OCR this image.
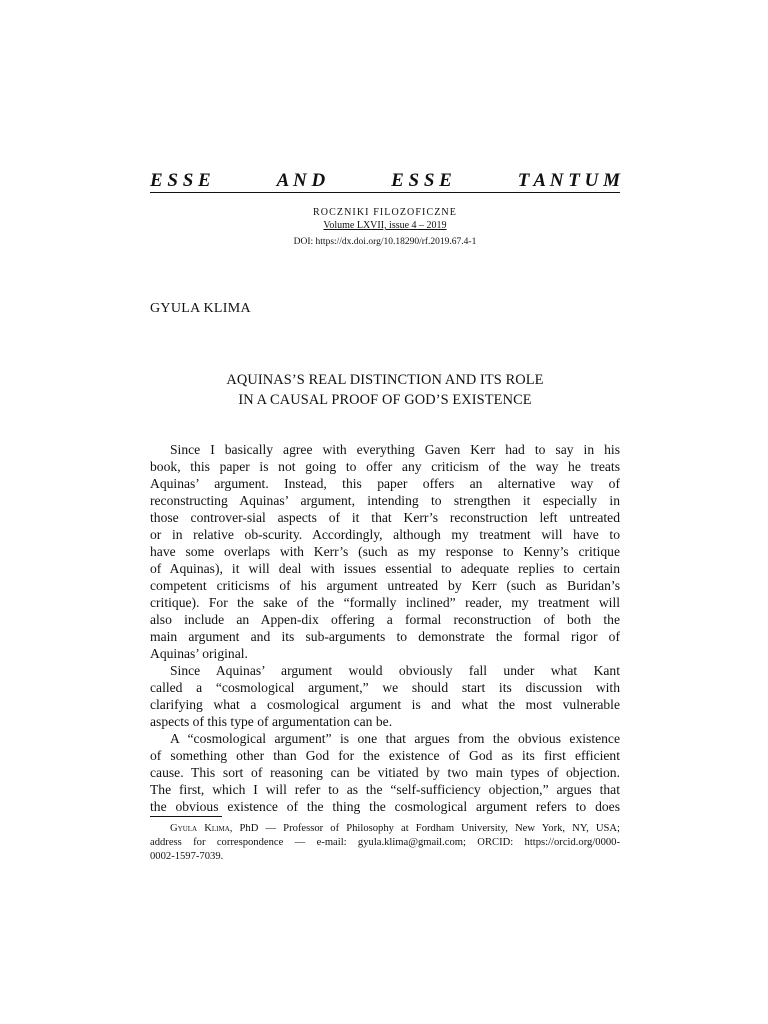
E S S E	A N D	E S S E	T A N T U M
ROCZNIKI FILOZOFICZNE
Volume LXVII, issue 4 – 2019
DOI: https://dx.doi.org/10.18290/rf.2019.67.4-1
GYULA KLIMA
AQUINAS’S REAL DISTINCTION AND ITS ROLE
IN A CAUSAL PROOF OF GOD’S EXISTENCE
Since I basically agree with everything Gaven Kerr had to say in his
book, this paper is not going to offer any criticism of the way he treats
Aquinas’ argument. Instead, this paper offers an alternative way of
reconstructing Aquinas’ argument, intending to strengthen it especially in
those controver-sial aspects of it that Kerr’s reconstruction left untreated
or in relative ob-scurity. Accordingly, although my treatment will have to
have some overlaps with Kerr’s (such as my response to Kenny’s critique
of Aquinas), it will deal with issues essential to adequate replies to certain
competent criticisms of his argument untreated by Kerr (such as Buridan’s
critique). For the sake of the “formally inclined” reader, my treatment will
also include an Appen-dix offering a formal reconstruction of both the
main argument and its sub-arguments to demonstrate the formal rigor of
Aquinas’ original.
Since Aquinas’ argument would obviously fall under what Kant
called a “cosmological argument,” we should start its discussion with
clarifying what a cosmological argument is and what the most vulnerable
aspects of this type of argumentation can be.
A “cosmological argument” is one that argues from the obvious existence
of something other than God for the existence of God as its first efficient
cause. This sort of reasoning can be vitiated by two main types of objection.
The first, which I will refer to as the “self-sufficiency objection,” argues that
the obvious existence of the thing the cosmological argument refers to does
Gyula Klima, PhD — Professor of Philosophy at Fordham University, New York, NY, USA;
address for correspondence — e-mail: gyula.klima@gmail.com; ORCID: https://orcid.org/0000-
0002-1597-7039.
